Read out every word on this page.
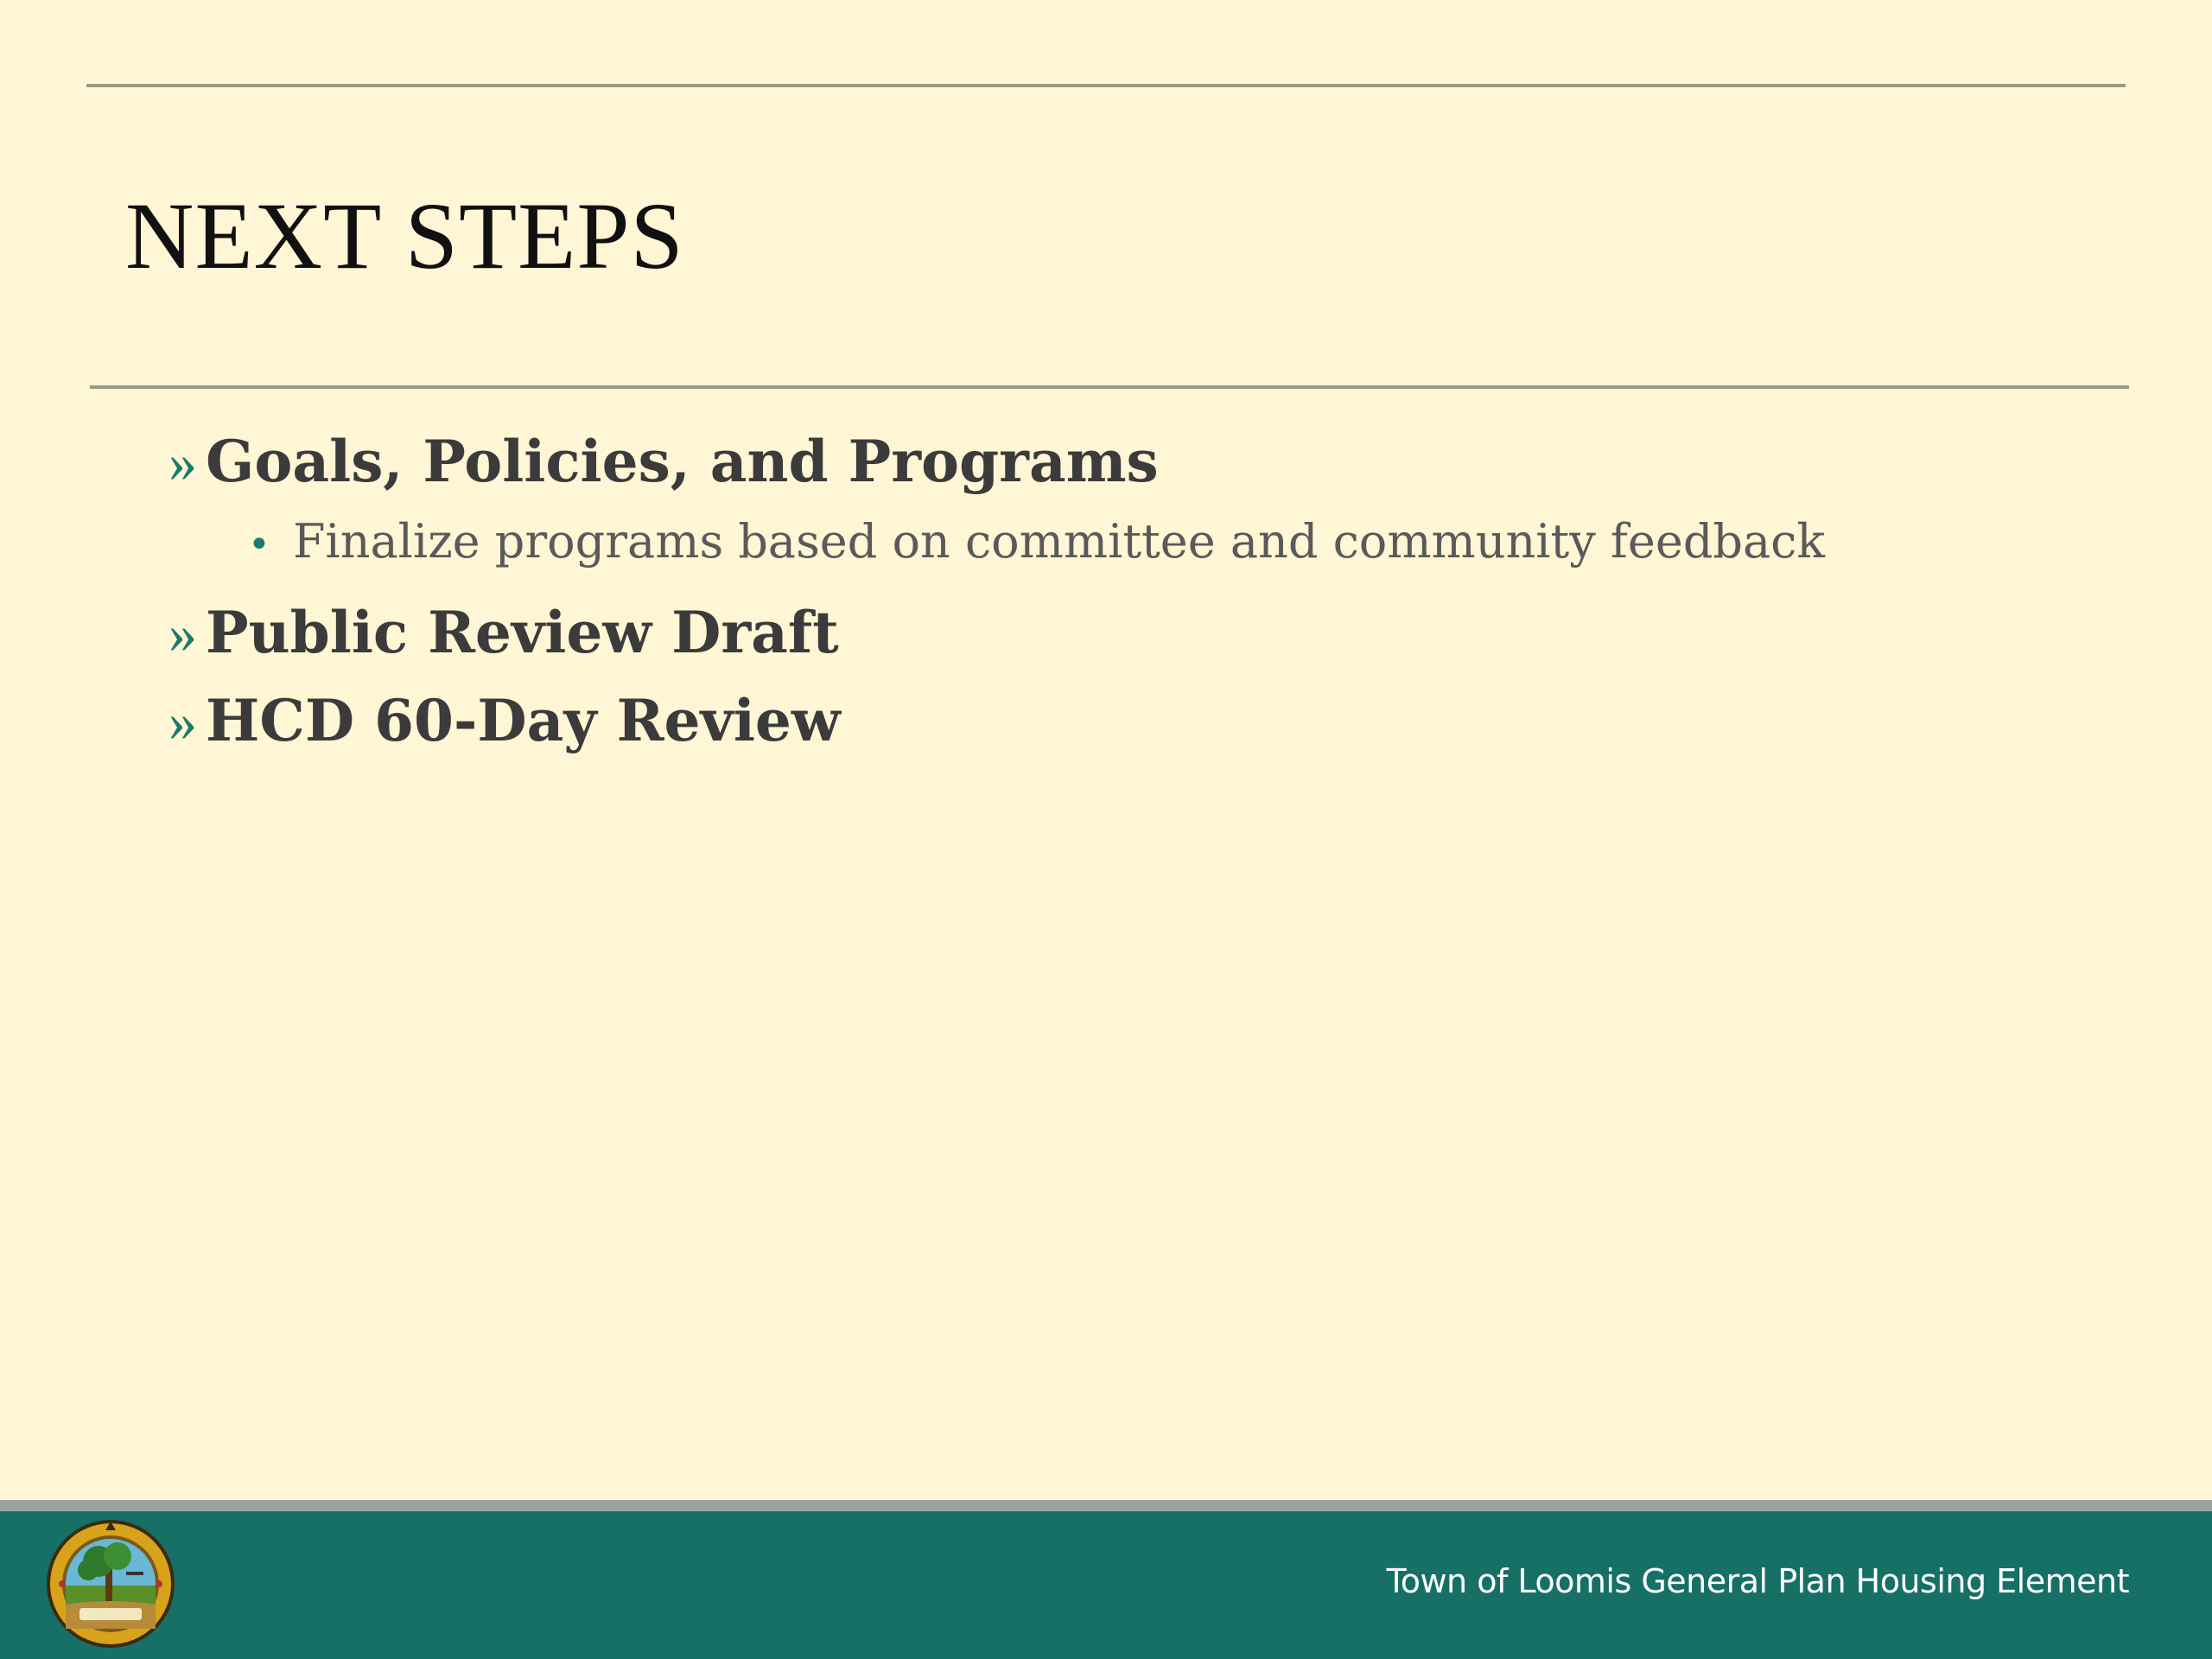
NEXT STEPS
» Goals, Policies, and Programs
• Finalize programs based on committee and community feedback
» Public Review Draft
» HCD 60-Day Review
Town of Loomis General Plan Housing Element
